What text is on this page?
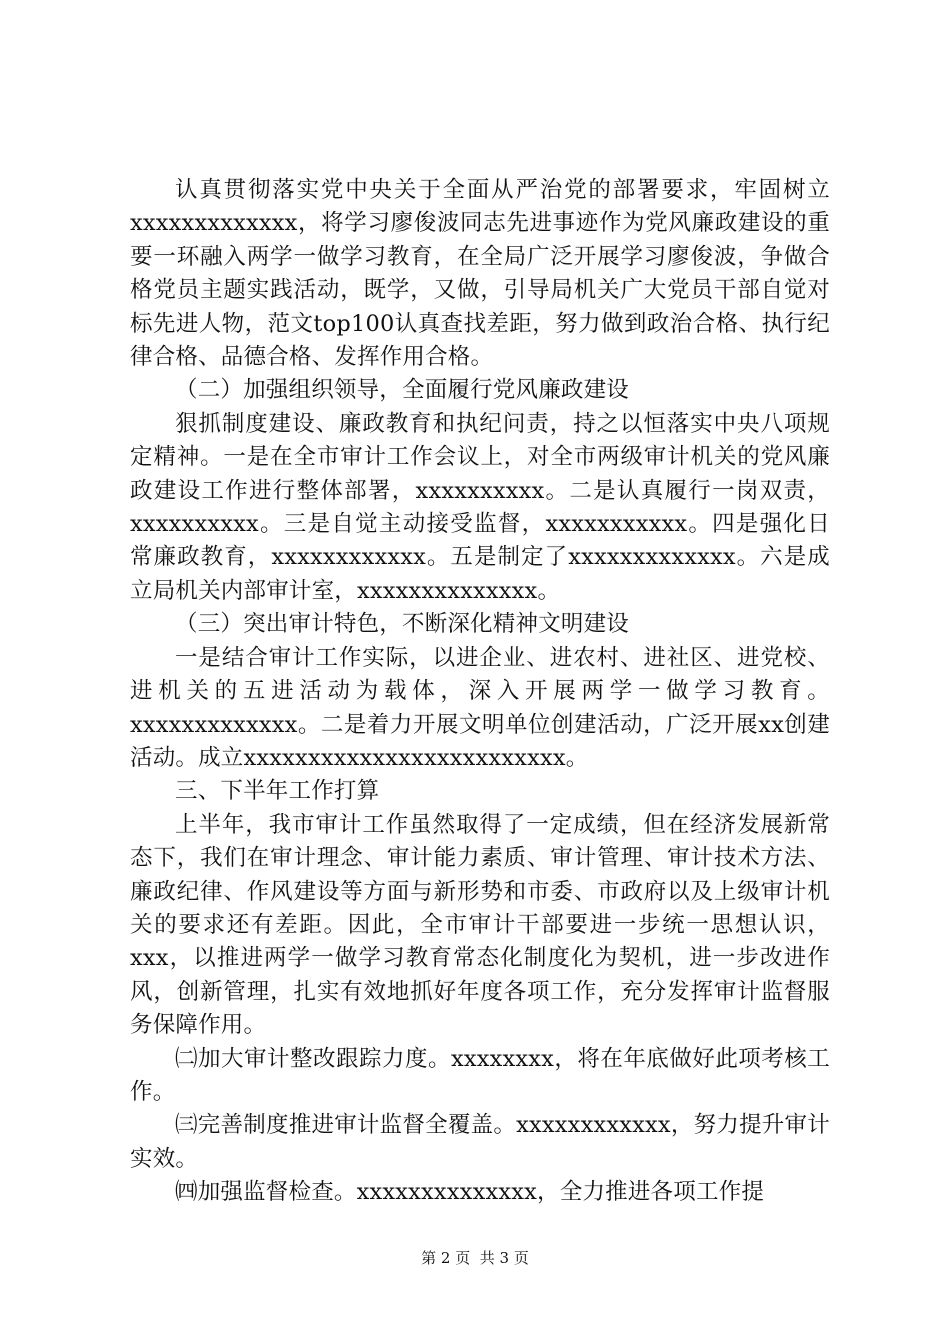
认真贯彻落实党中央关于全面从严治党的部署要求，牢固树立xxxxxxxxxxxxx，将学习廖俊波同志先进事迹作为党风廉政建设的重要一环融入两学一做学习教育，在全局广泛开展学习廖俊波，争做合格党员主题实践活动，既学，又做，引导局机关广大党员干部自觉对标先进人物，范文top100认真查找差距，努力做到政治合格、执行纪律合格、品德合格、发挥作用合格。

（二）加强组织领导，全面履行党风廉政建设

狠抓制度建设、廉政教育和执纪问责，持之以恒落实中央八项规定精神。一是在全市审计工作会议上，对全市两级审计机关的党风廉政建设工作进行整体部署，xxxxxxxxxx。二是认真履行一岗双责，xxxxxxxxxx。三是自觉主动接受监督，xxxxxxxxxxx。四是强化日常廉政教育，xxxxxxxxxxxx。五是制定了xxxxxxxxxxxxx。六是成立局机关内部审计室，xxxxxxxxxxxxxx。

（三）突出审计特色，不断深化精神文明建设

一是结合审计工作实际，以进企业、进农村、进社区、进党校、进机关的五进活动为载体，深入开展两学一做学习教育。xxxxxxxxxxxxx。二是着力开展文明单位创建活动，广泛开展xx创建活动。成立xxxxxxxxxxxxxxxxxxxxxxxxx。

三、下半年工作打算

上半年，我市审计工作虽然取得了一定成绩，但在经济发展新常态下，我们在审计理念、审计能力素质、审计管理、审计技术方法、廉政纪律、作风建设等方面与新形势和市委、市政府以及上级审计机关的要求还有差距。因此，全市审计干部要进一步统一思想认识，xxx，以推进两学一做学习教育常态化制度化为契机，进一步改进作风，创新管理，扎实有效地抓好年度各项工作，充分发挥审计监督服务保障作用。

㈡加大审计整改跟踪力度。xxxxxxxx，将在年底做好此项考核工作。

㈢完善制度推进审计监督全覆盖。xxxxxxxxxxxx，努力提升审计实效。

㈣加强监督检查。xxxxxxxxxxxxxx，全力推进各项工作提

第 2 页  共 3 页
